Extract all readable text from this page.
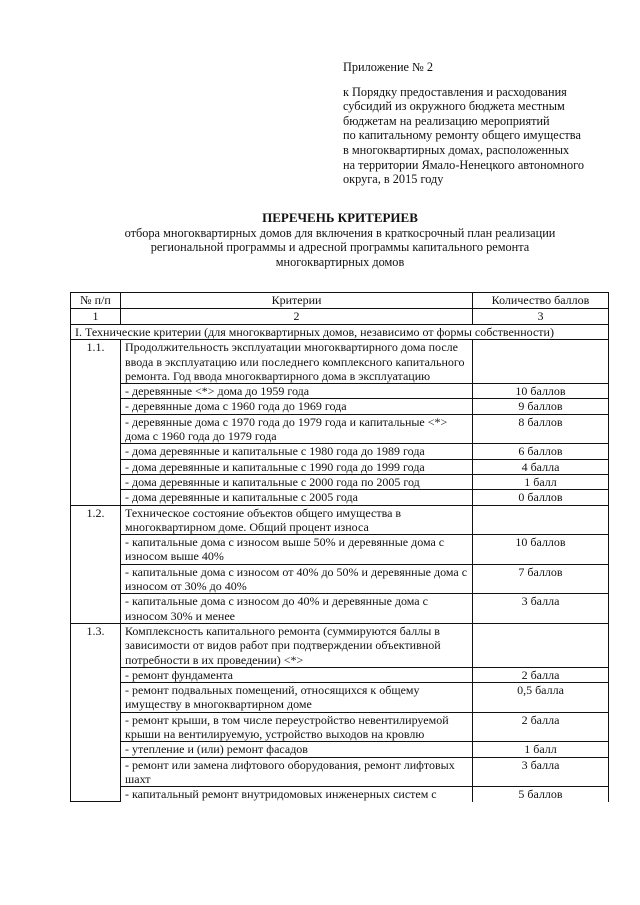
Приложение № 2
к Порядку предоставления и расходования
субсидий из окружного бюджета местным
бюджетам на реализацию мероприятий
по капитальному ремонту общего имущества
в многоквартирных домах, расположенных
на территории Ямало-Ненецкого автономного
округа, в 2015 году
ПЕРЕЧЕНЬ КРИТЕРИЕВ
отбора многоквартирных домов для включения в краткосрочный план реализации
региональной программы и адресной программы капитального ремонта
многоквартирных домов
№ п/п	Критерии	Количество баллов
1	2	3
I. Технические критерии (для многоквартирных домов, независимо от формы собственности)		
1.1.	Продолжительность эксплуатации многоквартирного дома после ввода в эксплуатацию или последнего комплексного капитального ремонта. Год ввода многоквартирного дома в эксплуатацию	
	- деревянные <*> дома до 1959 года	10 баллов
	- деревянные дома с 1960 года до 1969 года	9 баллов
	- деревянные дома с 1970 года до 1979 года и капитальные <*> дома с 1960 года до 1979 года	8 баллов
	- дома деревянные и капитальные с 1980 года до 1989 года	6 баллов
	- дома деревянные и капитальные с 1990 года до 1999 года	4 балла
	- дома деревянные и капитальные с 2000 года по 2005 год	1 балл
	- дома деревянные и капитальные с 2005 года	0 баллов
1.2.	Техническое состояние объектов общего имущества в многоквартирном доме. Общий процент износа	
	- капитальные дома с износом выше 50% и деревянные дома с износом выше 40%	10 баллов
	- капитальные дома с износом от 40% до 50% и деревянные дома с износом от 30% до 40%	7 баллов
	- капитальные дома с износом до 40% и деревянные дома с износом 30% и менее	3 балла
1.3.	Комплексность капитального ремонта (суммируются баллы в зависимости от видов работ при подтверждении объективной потребности в их проведении) <*>	
	- ремонт фундамента	2 балла
	- ремонт подвальных помещений, относящихся к общему имуществу в многоквартирном доме	0,5 балла
	- ремонт крыши, в том числе переустройство невентилируемой крыши на вентилируемую, устройство выходов на кровлю	2 балла
	- утепление и (или) ремонт фасадов	1 балл
	- ремонт или замена лифтового оборудования, ремонт лифтовых шахт	3 балла
	- капитальный ремонт внутридомовых инженерных систем с	5 баллов
